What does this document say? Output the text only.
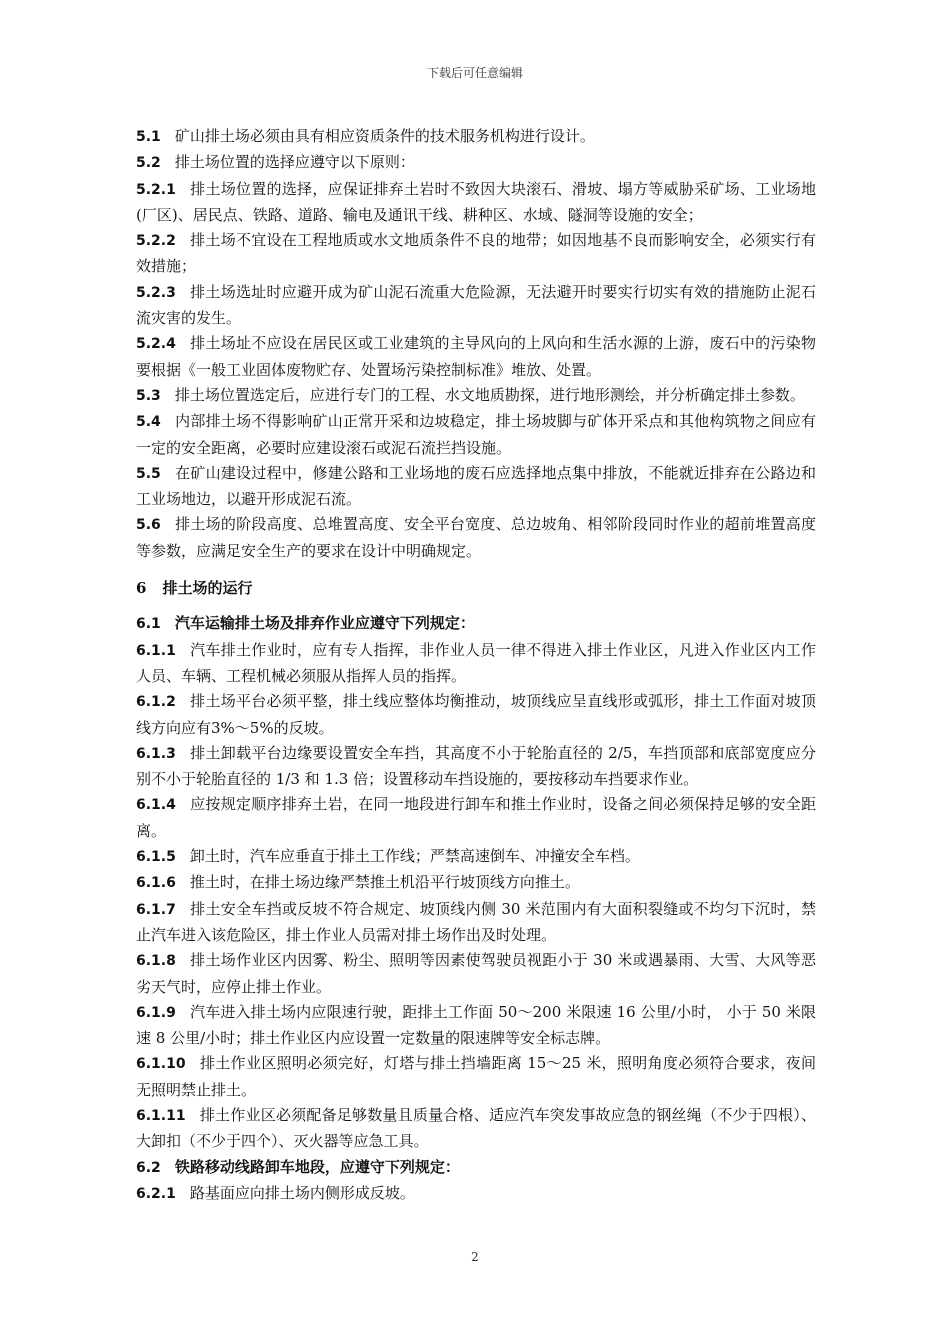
下载后可任意编辑

5.1 矿山排土场必须由具有相应资质条件的技术服务机构进行设计。

5.2 排土场位置的选择应遵守以下原则：

5.2.1 排土场位置的选择，应保证排弃土岩时不致因大块滚石、滑坡、塌方等威胁采矿场、工业场地(厂区)、居民点、铁路、道路、输电及通讯干线、耕种区、水域、隧洞等设施的安全；

5.2.2 排土场不宜设在工程地质或水文地质条件不良的地带；如因地基不良而影响安全，必须实行有效措施；

5.2.3 排土场选址时应避开成为矿山泥石流重大危险源，无法避开时要实行切实有效的措施防止泥石流灾害的发生。

5.2.4 排土场址不应设在居民区或工业建筑的主导风向的上风向和生活水源的上游，废石中的污染物要根据《一般工业固体废物贮存、处置场污染控制标准》堆放、处置。

5.3 排土场位置选定后，应进行专门的工程、水文地质勘探，进行地形测绘，并分析确定排土参数。

5.4 内部排土场不得影响矿山正常开采和边坡稳定，排土场坡脚与矿体开采点和其他构筑物之间应有一定的安全距离，必要时应建设滚石或泥石流拦挡设施。

5.5 在矿山建设过程中，修建公路和工业场地的废石应选择地点集中排放，不能就近排弃在公路边和工业场地边，以避开形成泥石流。

5.6 排土场的阶段高度、总堆置高度、安全平台宽度、总边坡角、相邻阶段同时作业的超前堆置高度等参数，应满足安全生产的要求在设计中明确规定。

6 排土场的运行

6.1 汽车运输排土场及排弃作业应遵守下列规定：

6.1.1 汽车排土作业时，应有专人指挥，非作业人员一律不得进入排土作业区，凡进入作业区内工作人员、车辆、工程机械必须服从指挥人员的指挥。

6.1.2 排土场平台必须平整，排土线应整体均衡推动，坡顶线应呈直线形或弧形，排土工作面对坡顶线方向应有3%～5%的反坡。

6.1.3 排土卸载平台边缘要设置安全车挡，其高度不小于轮胎直径的 2/5，车挡顶部和底部宽度应分别不小于轮胎直径的 1/3 和 1.3 倍；设置移动车挡设施的，要按移动车挡要求作业。

6.1.4 应按规定顺序排弃土岩，在同一地段进行卸车和推土作业时，设备之间必须保持足够的安全距离。

6.1.5 卸土时，汽车应垂直于排土工作线；严禁高速倒车、冲撞安全车档。

6.1.6 推土时，在排土场边缘严禁推土机沿平行坡顶线方向推土。

6.1.7 排土安全车挡或反坡不符合规定、坡顶线内侧 30 米范围内有大面积裂缝或不均匀下沉时，禁止汽车进入该危险区，排土作业人员需对排土场作出及时处理。

6.1.8 排土场作业区内因雾、粉尘、照明等因素使驾驶员视距小于 30 米或遇暴雨、大雪、大风等恶劣天气时，应停止排土作业。

6.1.9 汽车进入排土场内应限速行驶，距排土工作面 50～200 米限速 16 公里/小时， 小于 50 米限速 8 公里/小时；排土作业区内应设置一定数量的限速牌等安全标志牌。

6.1.10 排土作业区照明必须完好，灯塔与排土挡墙距离 15～25 米，照明角度必须符合要求，夜间无照明禁止排土。

6.1.11 排土作业区必须配备足够数量且质量合格、适应汽车突发事故应急的钢丝绳（不少于四根）、大卸扣（不少于四个）、灭火器等应急工具。

6.2 铁路移动线路卸车地段，应遵守下列规定：

6.2.1 路基面应向排土场内侧形成反坡。

2
